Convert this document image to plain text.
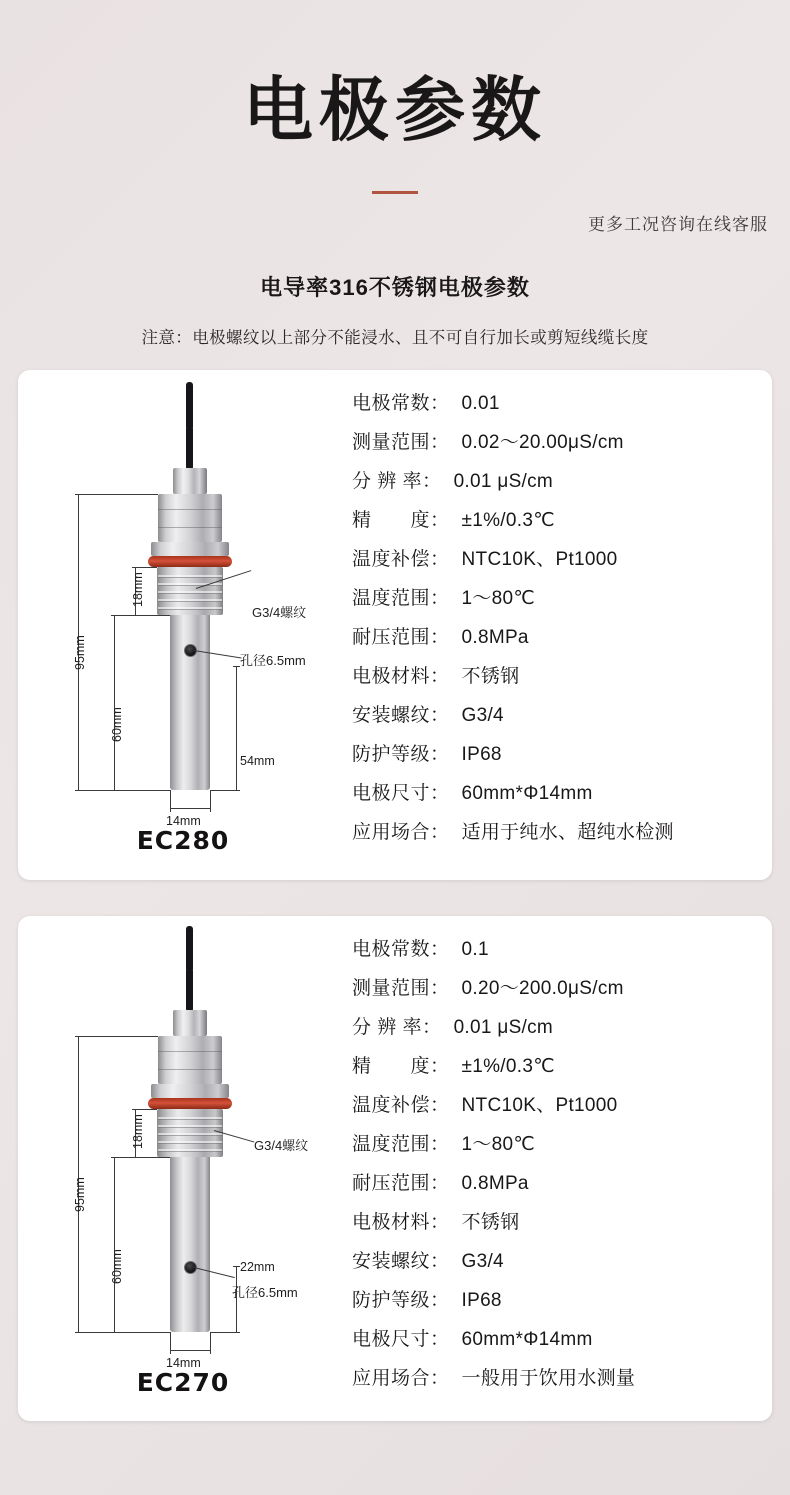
电极参数
更多工况咨询在线客服
电导率316不锈钢电极参数
注意：电极螺纹以上部分不能浸水、且不可自行加长或剪短线缆长度
95mm
60mm
18mm
54mm
14mm
G3/4螺纹
孔径6.5mm
EC280
电极常数： 0.01
测量范围： 0.02～20.00μS/cm
分 辨 率： 0.01 μS/cm
精　　度： ±1%/0.3℃
温度补偿： NTC10K、Pt1000
温度范围： 1～80℃
耐压范围： 0.8MPa
电极材料： 不锈钢
安装螺纹： G3/4
防护等级： IP68
电极尺寸： 60mm*Φ14mm
应用场合： 适用于纯水、超纯水检测
95mm
60mm
18mm
22mm
14mm
G3/4螺纹
孔径6.5mm
EC270
电极常数： 0.1
测量范围： 0.20～200.0μS/cm
分 辨 率： 0.01 μS/cm
精　　度： ±1%/0.3℃
温度补偿： NTC10K、Pt1000
温度范围： 1～80℃
耐压范围： 0.8MPa
电极材料： 不锈钢
安装螺纹： G3/4
防护等级： IP68
电极尺寸： 60mm*Φ14mm
应用场合： 一般用于饮用水测量
